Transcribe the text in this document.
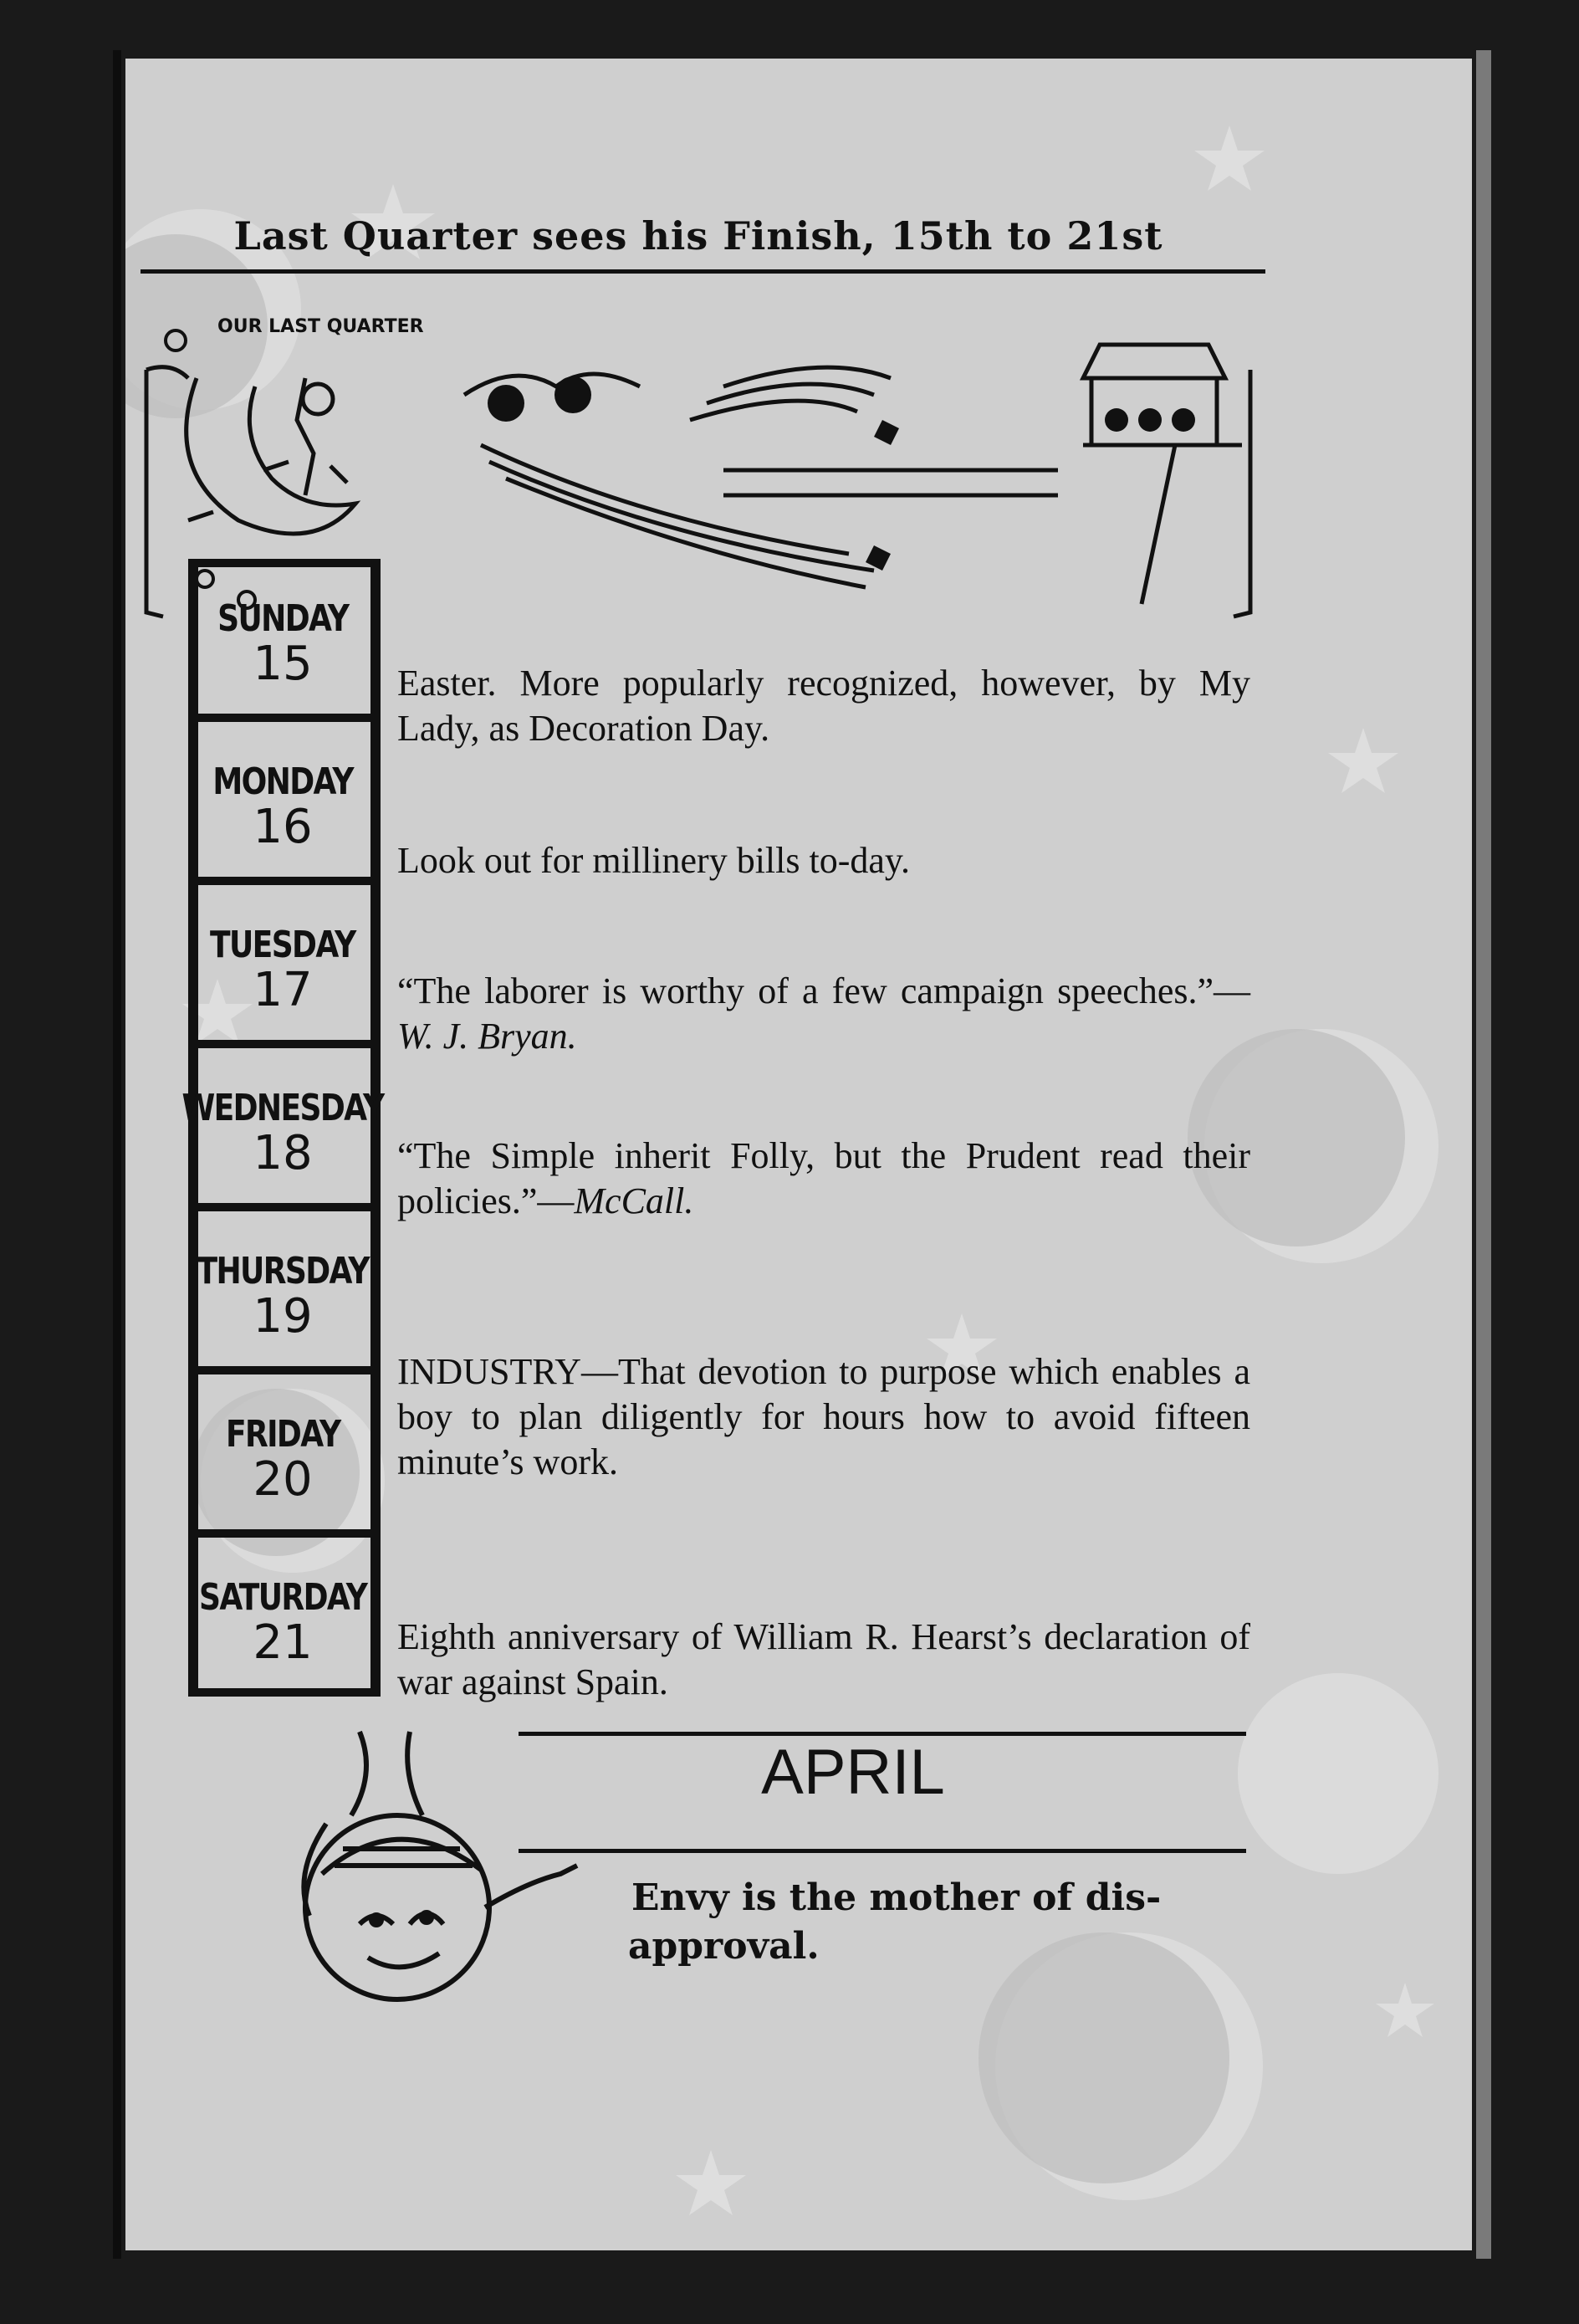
Last Quarter sees his Finish, 15th to 21st
OUR LAST QUARTER
SUNDAY
15
MONDAY
16
TUESDAY
17
WEDNESDAY
18
THURSDAY
19
FRIDAY
20
SATURDAY
21
Easter. More popularly recognized, however, by My Lady, as Decoration Day.
Look out for millinery bills to-day.
“The laborer is worthy of a few campaign speeches.”—W. J. Bryan.
“The Simple inherit Folly, but the Prudent read their policies.”—McCall.
INDUSTRY—That devotion to purpose which enables a boy to plan diligently for hours how to avoid fifteen minute’s work.
Eighth anniversary of William R. Hearst’s declaration of war against Spain.
APRIL
Envy is the mother of dis-
approval.
